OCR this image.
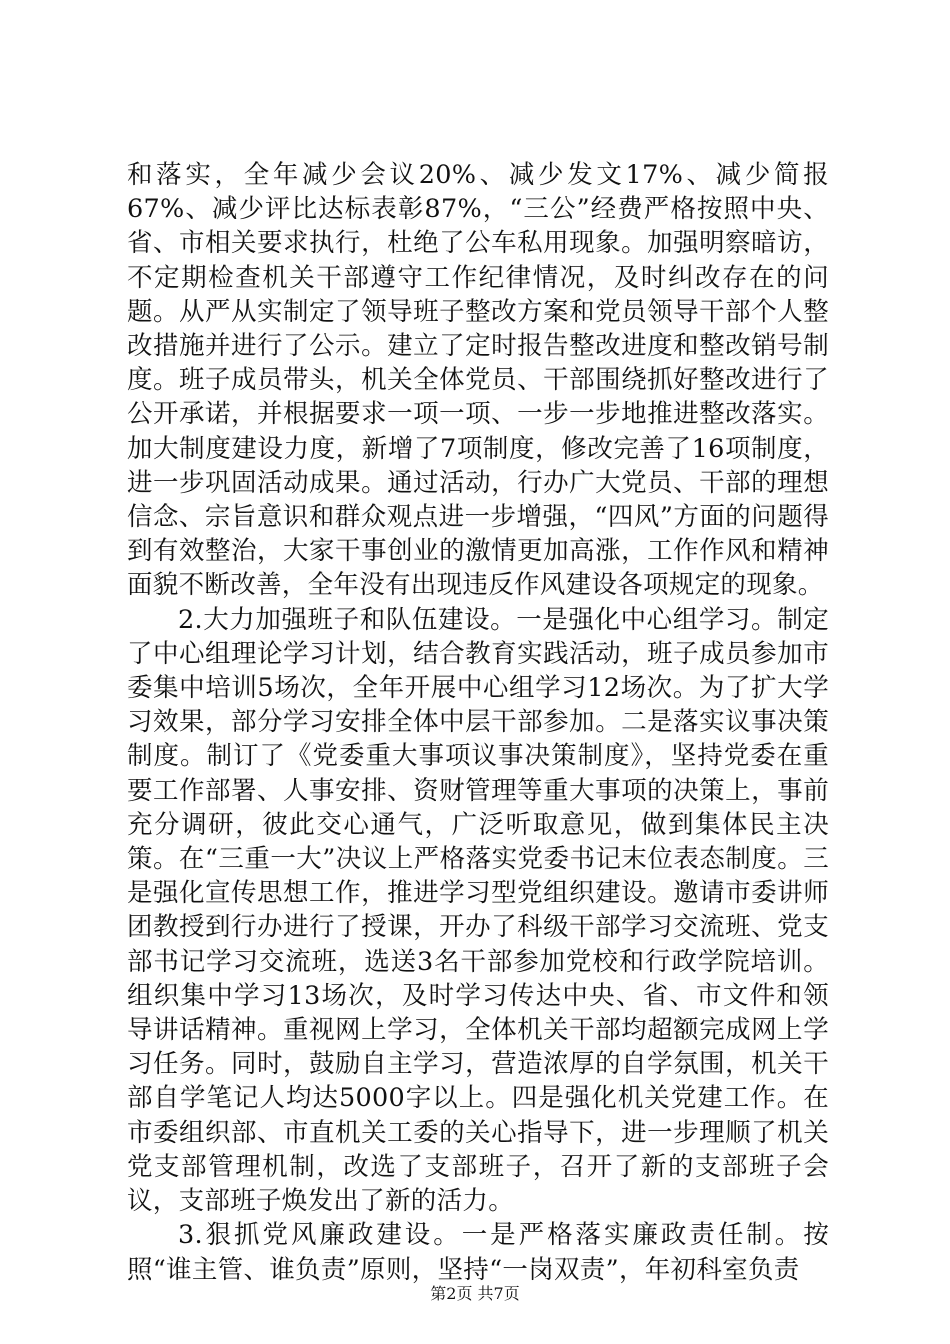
和落实，全年减少会议20%、减少发文17%、减少简报67%、减少评比达标表彰87%，“三公”经费严格按照中央、省、市相关要求执行，杜绝了公车私用现象。加强明察暗访，不定期检查机关干部遵守工作纪律情况，及时纠改存在的问题。从严从实制定了领导班子整改方案和党员领导干部个人整改措施并进行了公示。建立了定时报告整改进度和整改销号制度。班子成员带头，机关全体党员、干部围绕抓好整改进行了公开承诺，并根据要求一项一项、一步一步地推进整改落实。加大制度建设力度，新增了7项制度，修改完善了16项制度，进一步巩固活动成果。通过活动，行办广大党员、干部的理想信念、宗旨意识和群众观点进一步增强，“四风”方面的问题得到有效整治，大家干事创业的激情更加高涨，工作作风和精神面貌不断改善，全年没有出现违反作风建设各项规定的现象。

2.大力加强班子和队伍建设。一是强化中心组学习。制定了中心组理论学习计划，结合教育实践活动，班子成员参加市委集中培训5场次，全年开展中心组学习12场次。为了扩大学习效果，部分学习安排全体中层干部参加。二是落实议事决策制度。制订了《党委重大事项议事决策制度》，坚持党委在重要工作部署、人事安排、资财管理等重大事项的决策上，事前充分调研，彼此交心通气，广泛听取意见，做到集体民主决策。在“三重一大”决议上严格落实党委书记末位表态制度。三是强化宣传思想工作，推进学习型党组织建设。邀请市委讲师团教授到行办进行了授课，开办了科级干部学习交流班、党支部书记学习交流班，选送3名干部参加党校和行政学院培训。组织集中学习13场次，及时学习传达中央、省、市文件和领导讲话精神。重视网上学习，全体机关干部均超额完成网上学习任务。同时，鼓励自主学习，营造浓厚的自学氛围，机关干部自学笔记人均达5000字以上。四是强化机关党建工作。在市委组织部、市直机关工委的关心指导下，进一步理顺了机关党支部管理机制，改选了支部班子，召开了新的支部班子会议，支部班子焕发出了新的活力。

3.狠抓党风廉政建设。一是严格落实廉政责任制。按照“谁主管、谁负责”原则，坚持“一岗双责”，年初科室负责

第2页 共7页
